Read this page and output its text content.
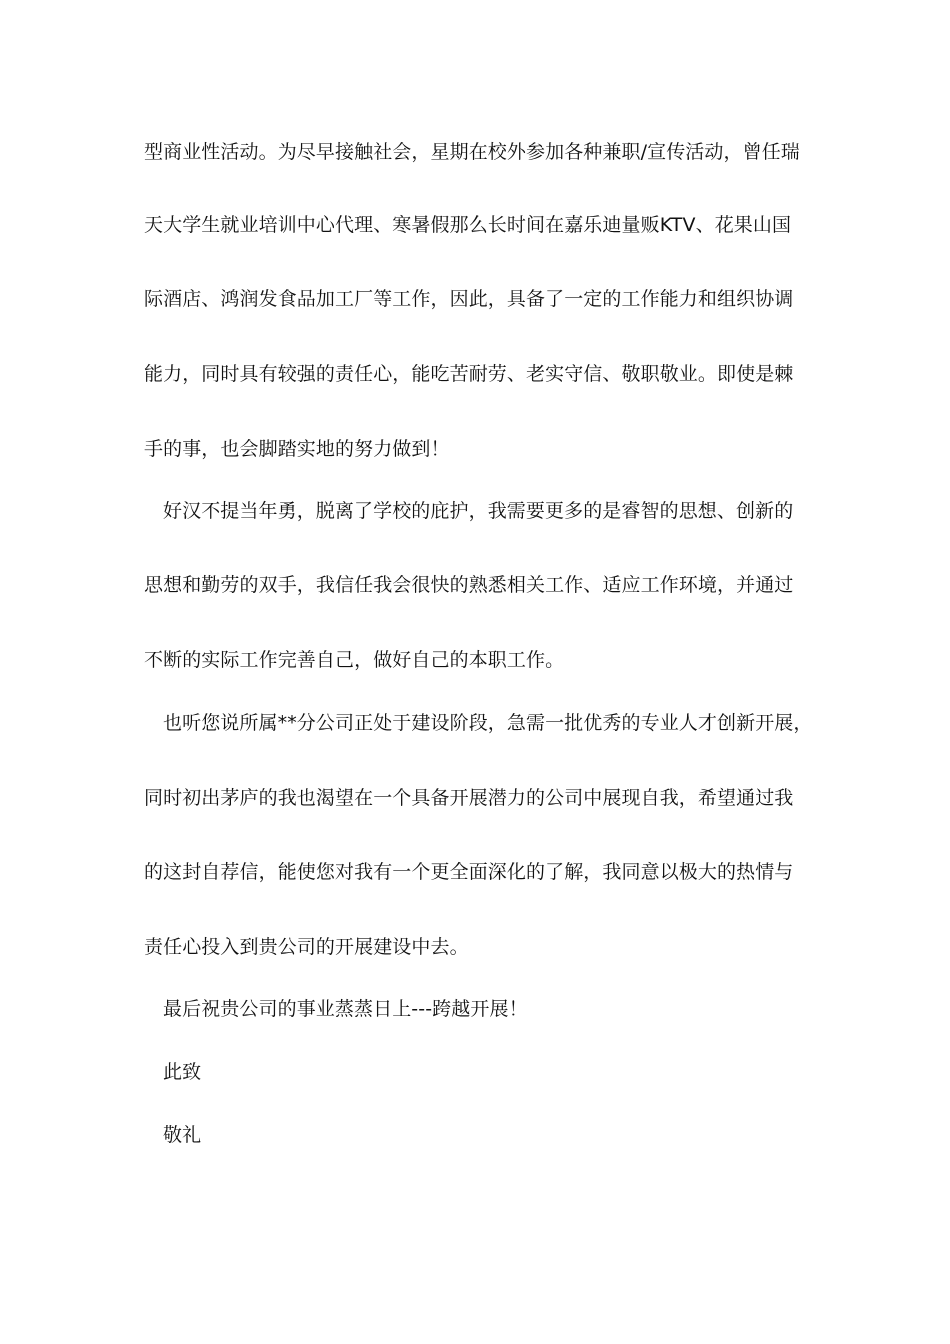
型商业性活动。为尽早接触社会，星期在校外参加各种兼职/宣传活动，曾任瑞
天大学生就业培训中心代理、寒暑假那么长时间在嘉乐迪量贩KTV、花果山国
际酒店、鸿润发食品加工厂等工作，因此，具备了一定的工作能力和组织协调
能力，同时具有较强的责任心，能吃苦耐劳、老实守信、敬职敬业。即使是棘
手的事，也会脚踏实地的努力做到！
好汉不提当年勇，脱离了学校的庇护，我需要更多的是睿智的思想、创新的
思想和勤劳的双手，我信任我会很快的熟悉相关工作、适应工作环境，并通过
不断的实际工作完善自己，做好自己的本职工作。
也听您说所属**分公司正处于建设阶段，急需一批优秀的专业人才创新开展，
同时初出茅庐的我也渴望在一个具备开展潜力的公司中展现自我，希望通过我
的这封自荐信，能使您对我有一个更全面深化的了解，我同意以极大的热情与
责任心投入到贵公司的开展建设中去。
最后祝贵公司的事业蒸蒸日上---跨越开展！
此致
敬礼
